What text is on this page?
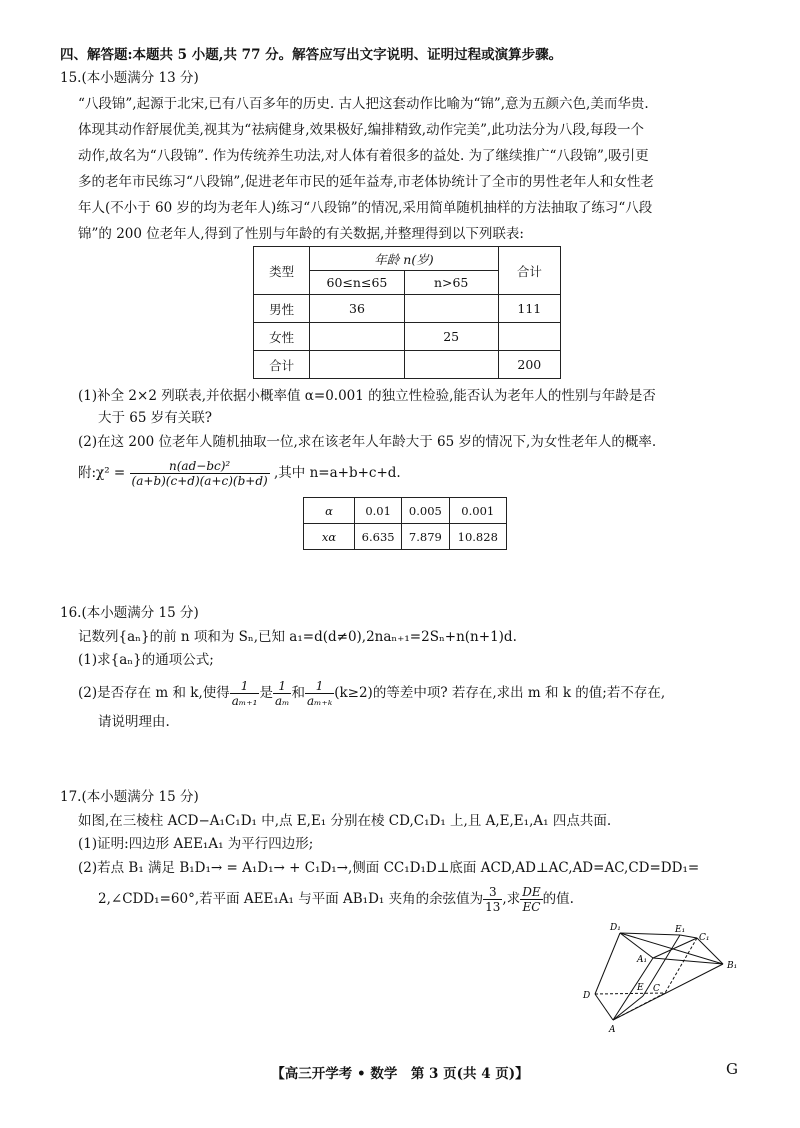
四、解答题:本题共 5 小题,共 77 分。解答应写出文字说明、证明过程或演算步骤。
15.(本小题满分 13 分)
“八段锦”,起源于北宋,已有八百多年的历史. 古人把这套动作比喻为“锦”,意为五颜六色,美而华贵.
体现其动作舒展优美,视其为“祛病健身,效果极好,编排精致,动作完美”,此功法分为八段,每段一个
动作,故名为“八段锦”. 作为传统养生功法,对人体有着很多的益处. 为了继续推广“八段锦”,吸引更
多的老年市民练习“八段锦”,促进老年市民的延年益寿,市老体协统计了全市的男性老年人和女性老
年人(不小于 60 岁的均为老年人)练习“八段锦”的情况,采用简单随机抽样的方法抽取了练习“八段
锦”的 200 位老年人,得到了性别与年龄的有关数据,并整理得到以下列联表:
类型	年龄 n(岁)		合计
	60≤n≤65	n>65	
男性	36		111
女性		25	
合计			200
(1)补全 2×2 列联表,并依据小概率值 α=0.001 的独立性检验,能否认为老年人的性别与年龄是否
大于 65 岁有关联?
(2)在这 200 位老年人随机抽取一位,求在该老年人年龄大于 65 岁的情况下,为女性老年人的概率.
附:χ² = $\frac{\text{n(ad−bc)²}}{(a+b)(c+d)(a+c)(b+d)}$ ,其中 n=a+b+c+d.
α	0.01	0.005	0.001
xα	6.635	7.879	10.828
16.(本小题满分 15 分)
记数列{aₙ}的前 n 项和为 Sₙ,已知 a₁=d(d≠0),2naₙ₊₁=2Sₙ+n(n+1)d.
(1)求{aₙ}的通项公式;
(2)是否存在 m 和 k,使得 $\frac{1}{\text{aₘ₊₁}}$ 是 $\frac{1}{\text{aₘ}}$ 和 $\frac{1}{\text{aₘ₊ₖ}} (k\ge 2)$的等差中项? 若存在,求出 m 和 k 的值;若不存在,
请说明理由.
17.(本小题满分 15 分)
如图,在三棱柱 ACD−A₁C₁D₁ 中,点 E,E₁ 分别在棱 CD,C₁D₁ 上,且 A,E,E₁,A₁ 四点共面.
(1)证明:四边形 AEE₁A₁ 为平行四边形;
(2)若点 B₁ 满足 B₁D₁→ = A₁D₁→ + C₁D₁→,侧面 CC₁D₁D⊥底面 ACD,AD⊥AC,AD=AC,CD=DD₁=
2,∠CDD₁=60°,若平面 AEE₁A₁ 与平面 AB₁D₁ 夹角的余弦值为 $\frac{3}{13}$ ,求 $\frac{DE}{EC}$ 的值.
D₁	E₁
C₁
A₁
B₁
D
E C
A
【高三开学考 • 数学　第 3 页(共 4 页)】	G
